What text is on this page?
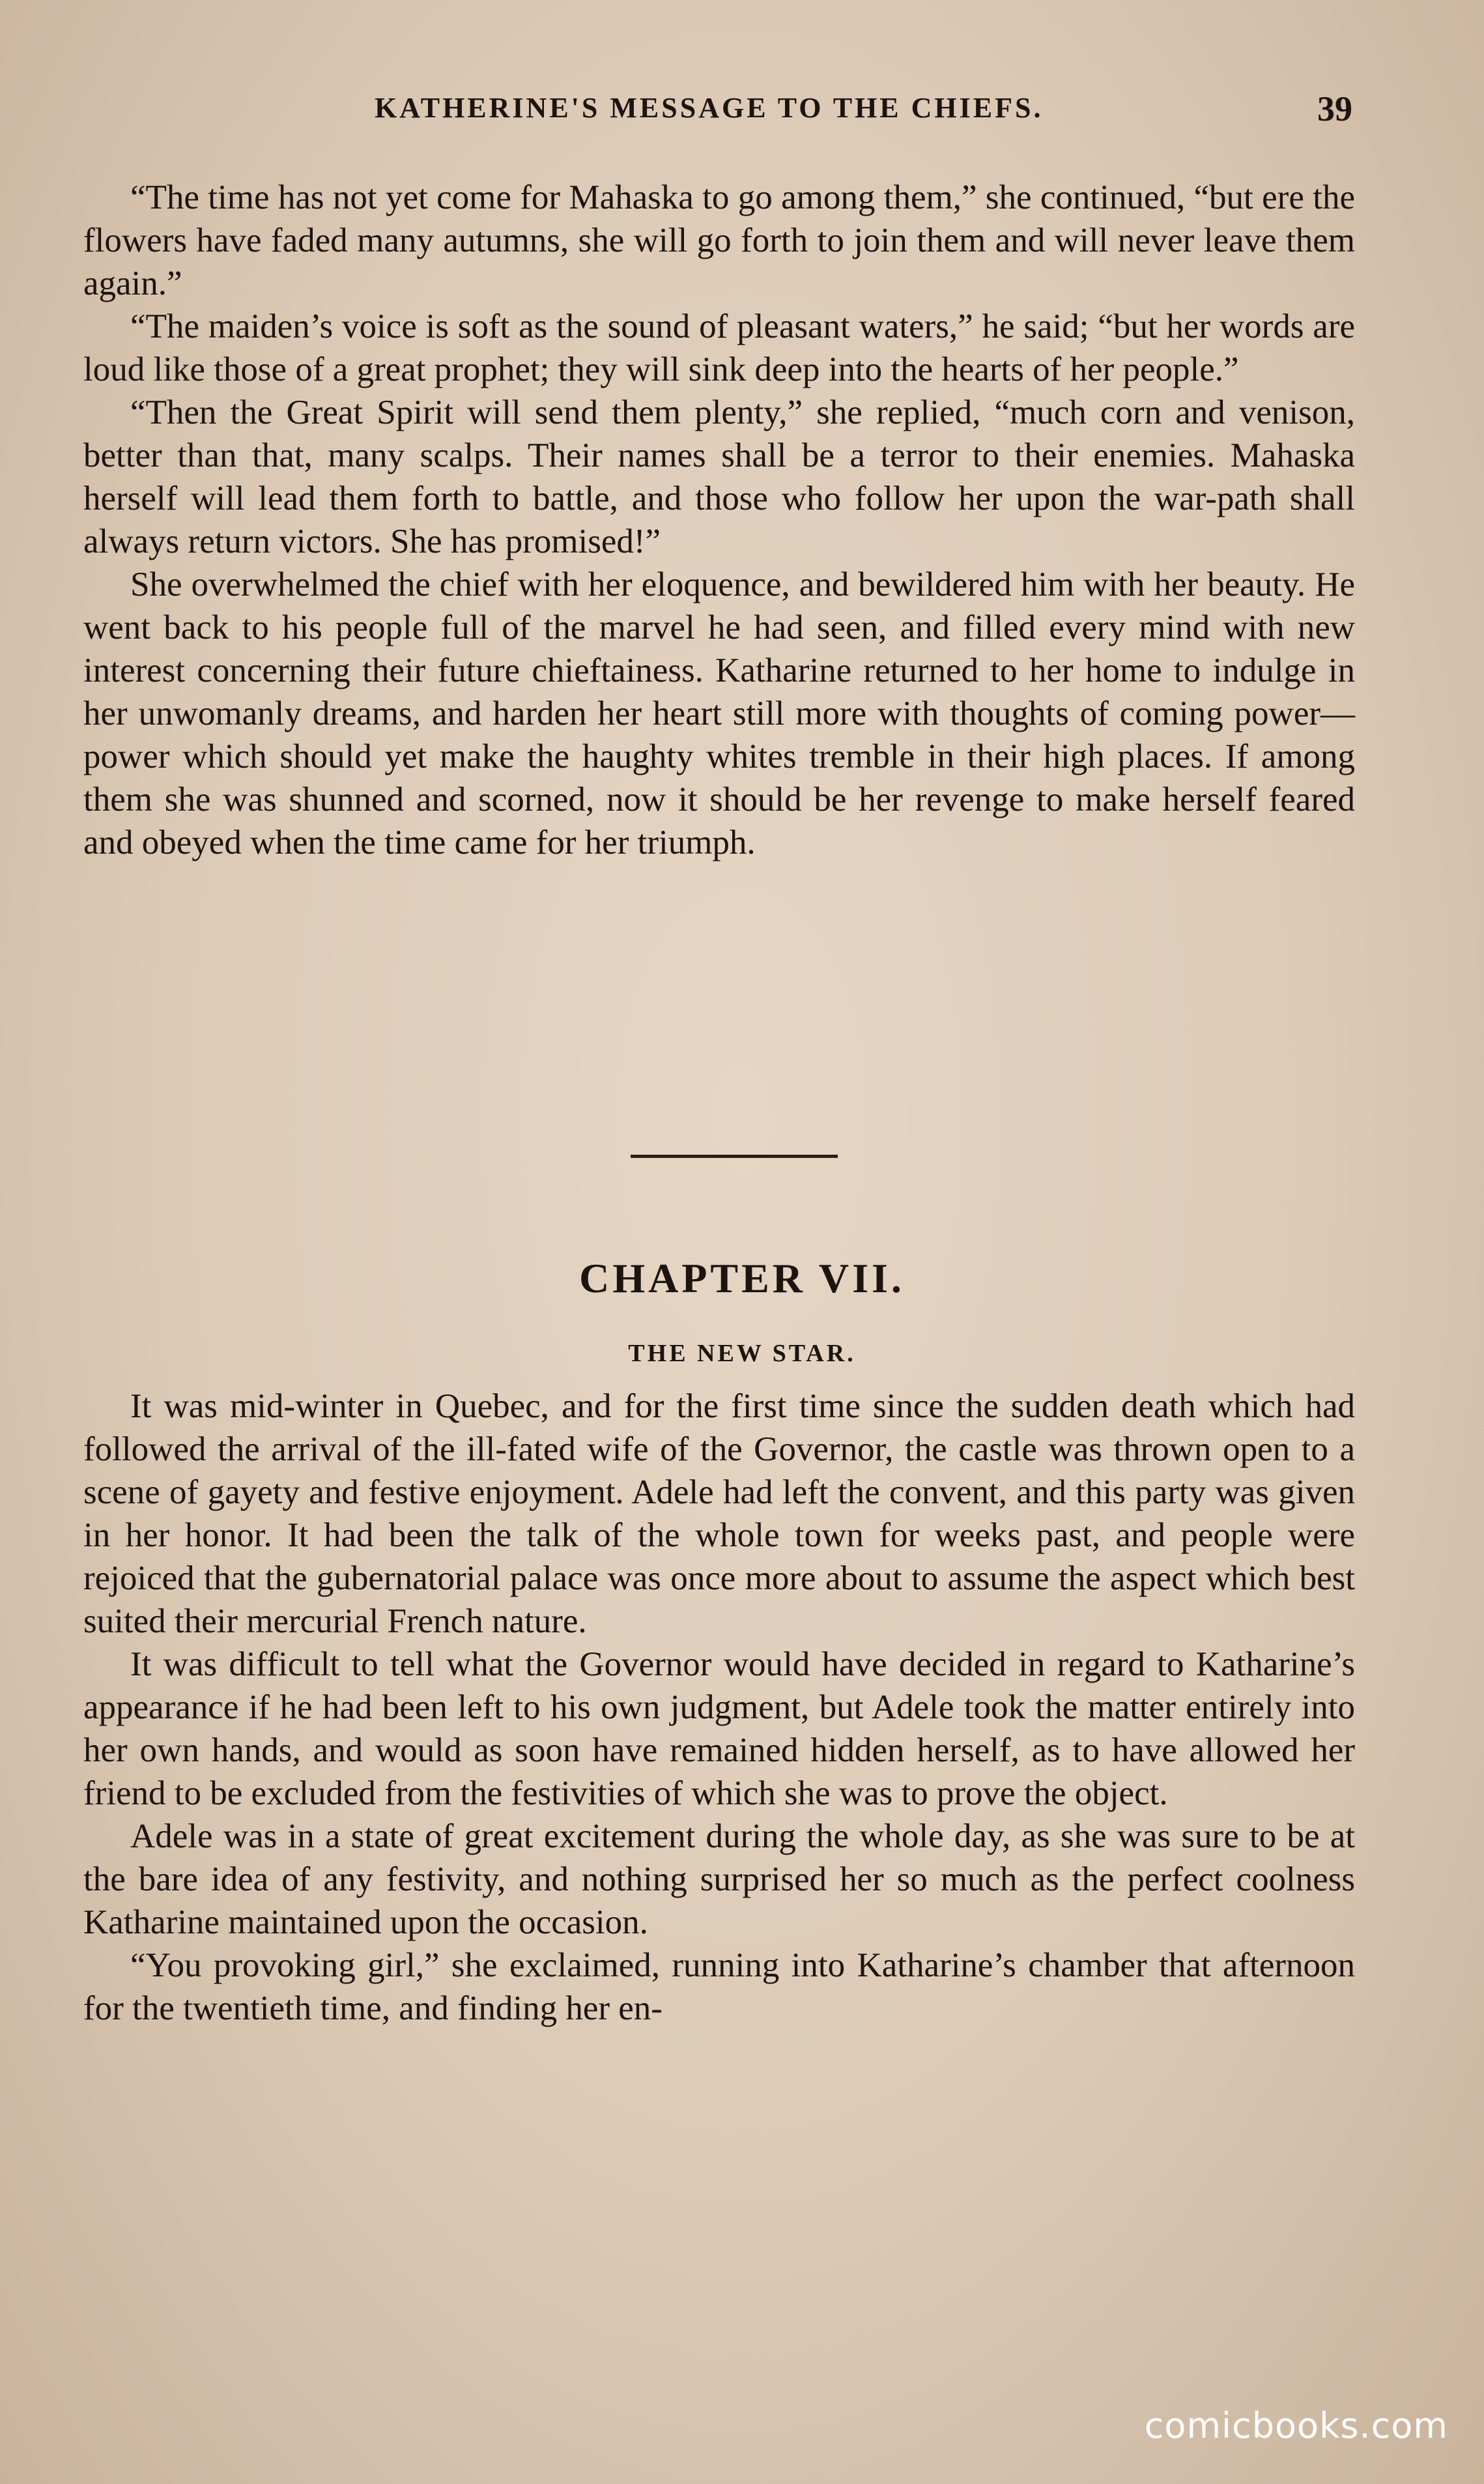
KATHERINE'S MESSAGE TO THE CHIEFS.	39

“The time has not yet come for Mahaska to go among them,” she continued, “but ere the flowers have faded many autumns, she will go forth to join them and will never leave them again.”

“The maiden’s voice is soft as the sound of pleasant waters,” he said; “but her words are loud like those of a great prophet; they will sink deep into the hearts of her people.”

“Then the Great Spirit will send them plenty,” she replied, “much corn and venison, better than that, many scalps. Their names shall be a terror to their enemies. Mahaska herself will lead them forth to battle, and those who follow her upon the war-path shall always return victors. She has promised!”

She overwhelmed the chief with her eloquence, and bewildered him with her beauty. He went back to his people full of the marvel he had seen, and filled every mind with new interest concerning their future chieftainess. Katharine returned to her home to indulge in her unwomanly dreams, and harden her heart still more with thoughts of coming power—power which should yet make the haughty whites tremble in their high places. If among them she was shunned and scorned, now it should be her revenge to make herself feared and obeyed when the time came for her triumph.

CHAPTER VII.
THE NEW STAR.

It was mid-winter in Quebec, and for the first time since the sudden death which had followed the arrival of the ill-fated wife of the Governor, the castle was thrown open to a scene of gayety and festive enjoyment. Adele had left the convent, and this party was given in her honor. It had been the talk of the whole town for weeks past, and people were rejoiced that the gubernatorial palace was once more about to assume the aspect which best suited their mercurial French nature.

It was difficult to tell what the Governor would have decided in regard to Katharine’s appearance if he had been left to his own judgment, but Adele took the matter entirely into her own hands, and would as soon have remained hidden herself, as to have allowed her friend to be excluded from the festivities of which she was to prove the object.

Adele was in a state of great excitement during the whole day, as she was sure to be at the bare idea of any festivity, and nothing surprised her so much as the perfect coolness Katharine maintained upon the occasion.

“You provoking girl,” she exclaimed, running into Katharine’s chamber that afternoon for the twentieth time, and finding her en-

comicbooks.com
